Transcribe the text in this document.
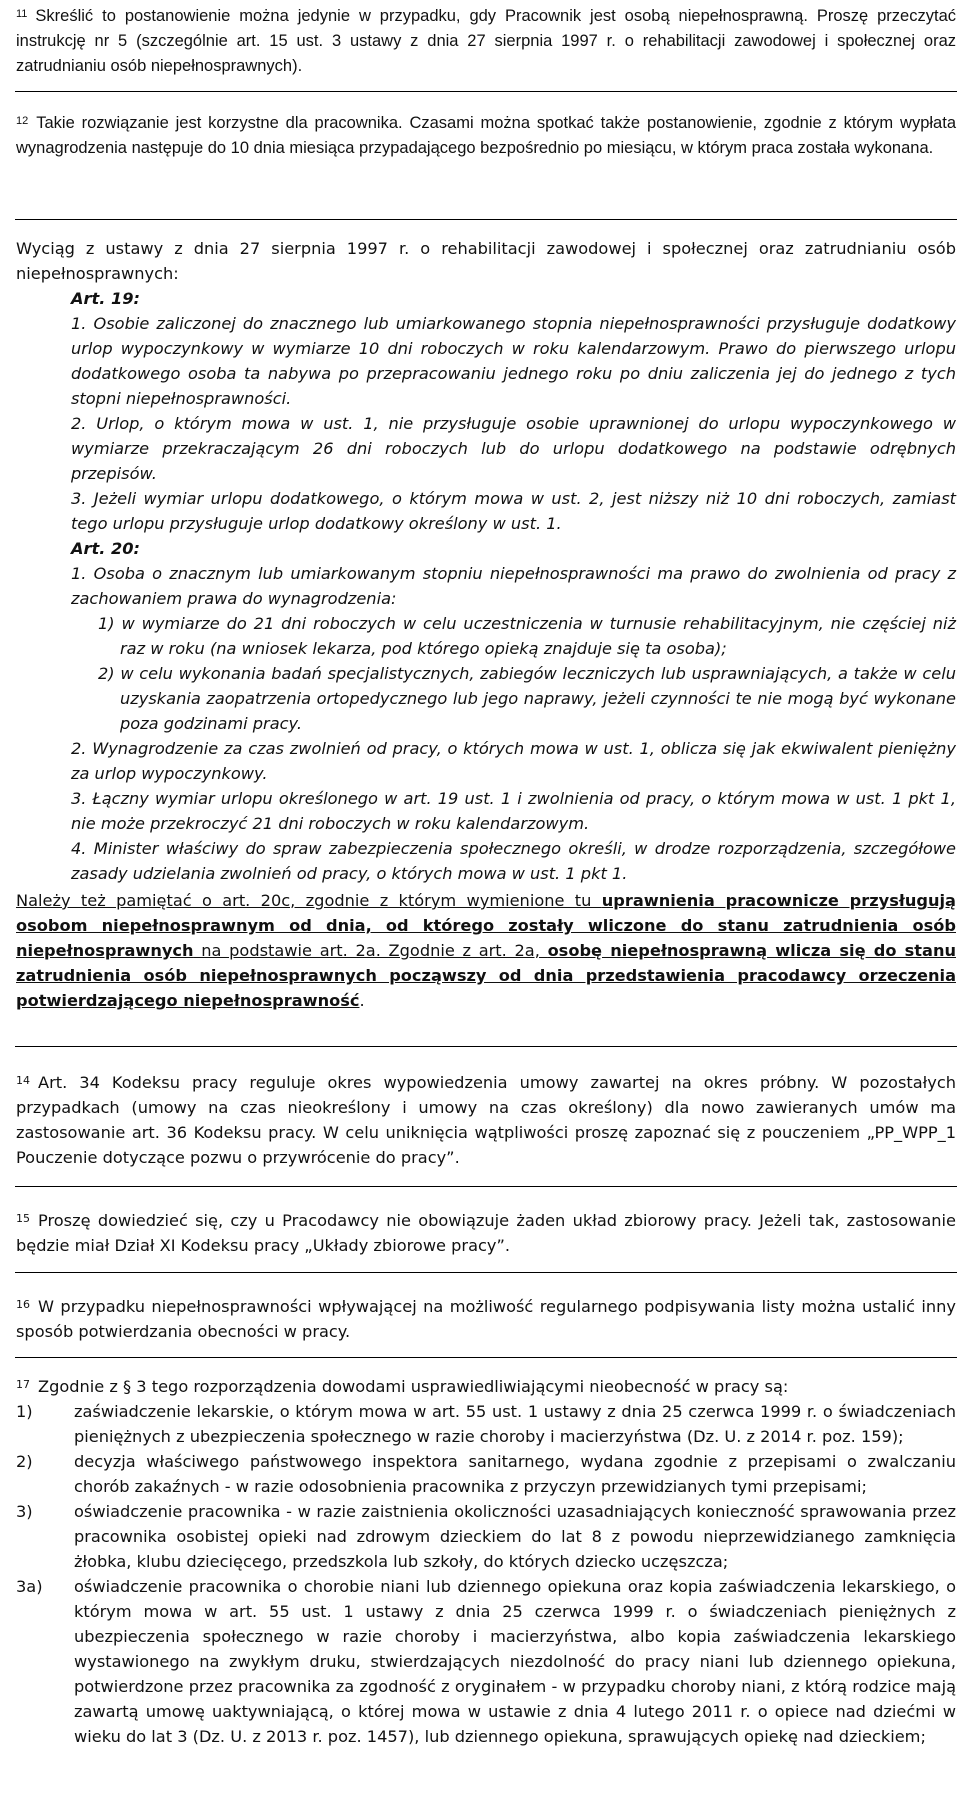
$^{11}$ Skreślić to postanowienie można jedynie w przypadku, gdy Pracownik jest osobą niepełnosprawną. Proszę przeczytać instrukcję nr 5 (szczególnie art. 15 ust. 3 ustawy z dnia 27 sierpnia 1997 r. o rehabilitacji zawodowej i społecznej oraz zatrudnianiu osób niepełnosprawnych).
$^{12}$ Takie rozwiązanie jest korzystne dla pracownika. Czasami można spotkać także postanowienie, zgodnie z którym wypłata wynagrodzenia następuje do 10 dnia miesiąca przypadającego bezpośrednio po miesiącu, w którym praca została wykonana.

Wyciąg z ustawy z dnia 27 sierpnia 1997 r. o rehabilitacji zawodowej i społecznej oraz zatrudnianiu osób niepełnosprawnych:

Art. 19:

1. Osobie zaliczonej do znacznego lub umiarkowanego stopnia niepełnosprawności przysługuje dodatkowy urlop wypoczynkowy w wymiarze 10 dni roboczych w roku kalendarzowym. Prawo do pierwszego urlopu dodatkowego osoba ta nabywa po przepracowaniu jednego roku po dniu zaliczenia jej do jednego z tych stopni niepełnosprawności.

2. Urlop, o którym mowa w ust. 1, nie przysługuje osobie uprawnionej do urlopu wypoczynkowego w wymiarze przekraczającym 26 dni roboczych lub do urlopu dodatkowego na podstawie odrębnych przepisów.

3. Jeżeli wymiar urlopu dodatkowego, o którym mowa w ust. 2, jest niższy niż 10 dni roboczych, zamiast tego urlopu przysługuje urlop dodatkowy określony w ust. 1.

Art. 20:

1. Osoba o znacznym lub umiarkowanym stopniu niepełnosprawności ma prawo do zwolnienia od pracy z zachowaniem prawa do wynagrodzenia:

1) w wymiarze do 21 dni roboczych w celu uczestniczenia w turnusie rehabilitacyjnym, nie częściej niż raz w roku (na wniosek lekarza, pod którego opieką znajduje się ta osoba);

2) w celu wykonania badań specjalistycznych, zabiegów leczniczych lub usprawniających, a także w celu uzyskania zaopatrzenia ortopedycznego lub jego naprawy, jeżeli czynności te nie mogą być wykonane poza godzinami pracy.

2. Wynagrodzenie za czas zwolnień od pracy, o których mowa w ust. 1, oblicza się jak ekwiwalent pieniężny za urlop wypoczynkowy.

3. Łączny wymiar urlopu określonego w art. 19 ust. 1 i zwolnienia od pracy, o którym mowa w ust. 1 pkt 1, nie może przekroczyć 21 dni roboczych w roku kalendarzowym.

4. Minister właściwy do spraw zabezpieczenia społecznego określi, w drodze rozporządzenia, szczegółowe zasady udzielania zwolnień od pracy, o których mowa w ust. 1 pkt 1.

Należy też pamiętać o art. 20c, zgodnie z którym wymienione tu uprawnienia pracownicze przysługują osobom niepełnosprawnym od dnia, od którego zostały wliczone do stanu zatrudnienia osób niepełnosprawnych na podstawie art. 2a. Zgodnie z art. 2a, osobę niepełnosprawną wlicza się do stanu zatrudnienia osób niepełnosprawnych począwszy od dnia przedstawienia pracodawcy orzeczenia potwierdzającego niepełnosprawność.

$^{14}$ Art. 34 Kodeksu pracy reguluje okres wypowiedzenia umowy zawartej na okres próbny. W pozostałych przypadkach (umowy na czas nieokreślony i umowy na czas określony) dla nowo zawieranych umów ma zastosowanie art. 36 Kodeksu pracy. W celu uniknięcia wątpliwości proszę zapoznać się z pouczeniem „PP_WPP_1 Pouczenie dotyczące pozwu o przywrócenie do pracy”.
$^{15}$ Proszę dowiedzieć się, czy u Pracodawcy nie obowiązuje żaden układ zbiorowy pracy. Jeżeli tak, zastosowanie będzie miał Dział XI Kodeksu pracy „Układy zbiorowe pracy”.
$^{16}$ W przypadku niepełnosprawności wpływającej na możliwość regularnego podpisywania listy można ustalić inny sposób potwierdzania obecności w pracy.

$^{17}$ Zgodnie z § 3 tego rozporządzenia dowodami usprawiedliwiającymi nieobecność w pracy są:

1)	zaświadczenie lekarskie, o którym mowa w art. 55 ust. 1 ustawy z dnia 25 czerwca 1999 r. o świadczeniach pieniężnych z ubezpieczenia społecznego w razie choroby i macierzyństwa (Dz. U. z 2014 r. poz. 159);
2)	decyzja właściwego państwowego inspektora sanitarnego, wydana zgodnie z przepisami o zwalczaniu chorób zakaźnych - w razie odosobnienia pracownika z przyczyn przewidzianych tymi przepisami;
3)	oświadczenie pracownika - w razie zaistnienia okoliczności uzasadniających konieczność sprawowania przez pracownika osobistej opieki nad zdrowym dzieckiem do lat 8 z powodu nieprzewidzianego zamknięcia żłobka, klubu dziecięcego, przedszkola lub szkoły, do których dziecko uczęszcza;
3a)	oświadczenie pracownika o chorobie niani lub dziennego opiekuna oraz kopia zaświadczenia lekarskiego, o którym mowa w art. 55 ust. 1 ustawy z dnia 25 czerwca 1999 r. o świadczeniach pieniężnych z ubezpieczenia społecznego w razie choroby i macierzyństwa, albo kopia zaświadczenia lekarskiego wystawionego na zwykłym druku, stwierdzających niezdolność do pracy niani lub dziennego opiekuna, potwierdzone przez pracownika za zgodność z oryginałem - w przypadku choroby niani, z którą rodzice mają zawartą umowę uaktywniającą, o której mowa w ustawie z dnia 4 lutego 2011 r. o opiece nad dziećmi w wieku do lat 3 (Dz. U. z 2013 r. poz. 1457), lub dziennego opiekuna, sprawujących opiekę nad dzieckiem;
